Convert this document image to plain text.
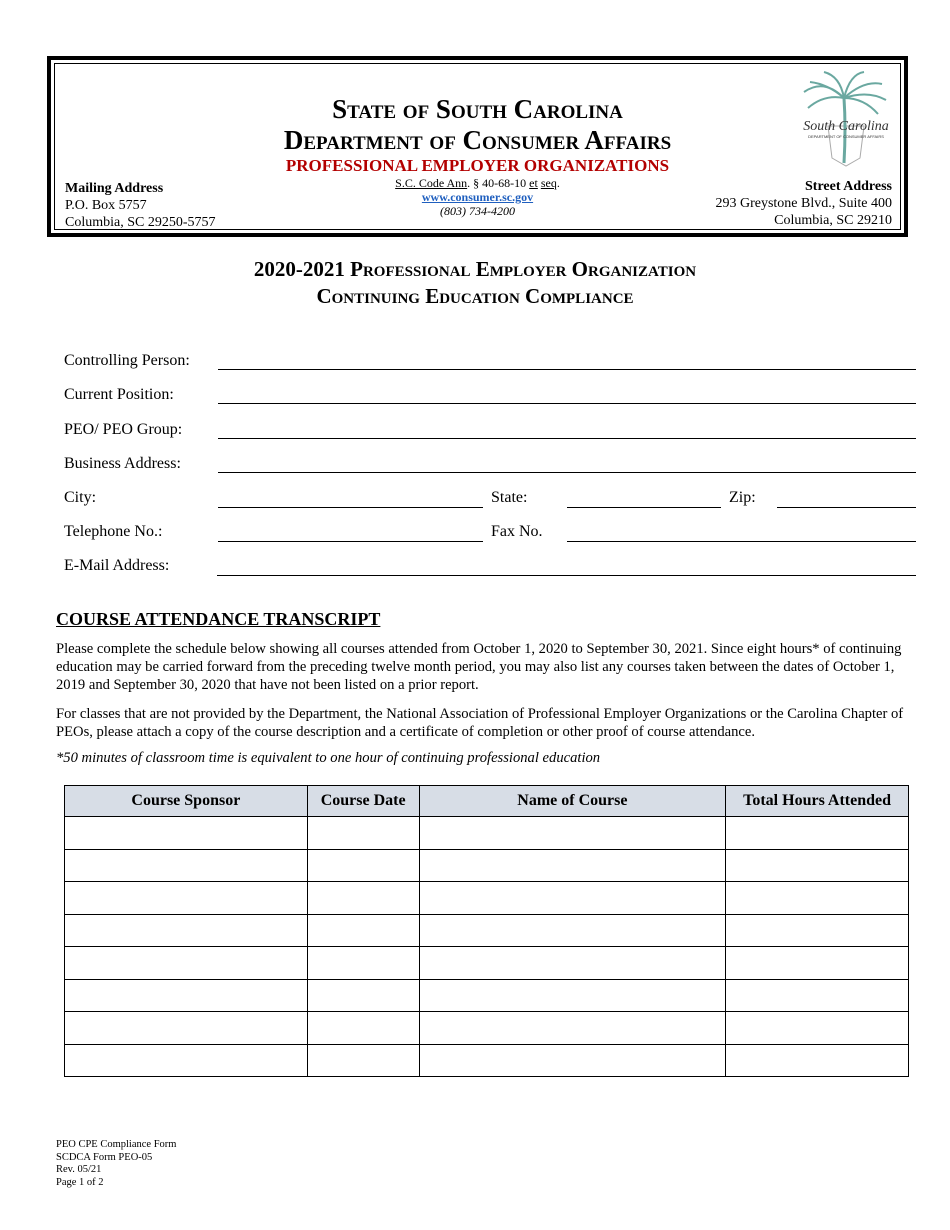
State of South Carolina
Department of Consumer Affairs
PROFESSIONAL EMPLOYER ORGANIZATIONS
S.C. Code Ann. § 40-68-10 et seq.
www.consumer.sc.gov
(803) 734-4200
Mailing Address
P.O. Box 5757
Columbia, SC 29250-5757
Street Address
293 Greystone Blvd., Suite 400
Columbia, SC 29210
South Carolina
DEPARTMENT OF CONSUMER AFFAIRS
2020-2021 Professional Employer Organization
Continuing Education Compliance
Controlling Person:
Current Position:
PEO/ PEO Group:
Business Address:
City:	State:	Zip:
Telephone No.:	Fax No.
E-Mail Address:
COURSE ATTENDANCE TRANSCRIPT
Please complete the schedule below showing all courses attended from October 1, 2020 to September 30, 2021. Since eight hours* of continuing education may be carried forward from the preceding twelve month period, you may also list any courses taken between the dates of October 1, 2019 and September 30, 2020 that have not been listed on a prior report.
For classes that are not provided by the Department, the National Association of Professional Employer Organizations or the Carolina Chapter of PEOs, please attach a copy of the course description and a certificate of completion or other proof of course attendance.
*50 minutes of classroom time is equivalent to one hour of continuing professional education
Course Sponsor	Course Date	Name of Course	Total Hours Attended

PEO CPE Compliance Form
SCDCA Form PEO-05
Rev. 05/21
Page 1 of 2
